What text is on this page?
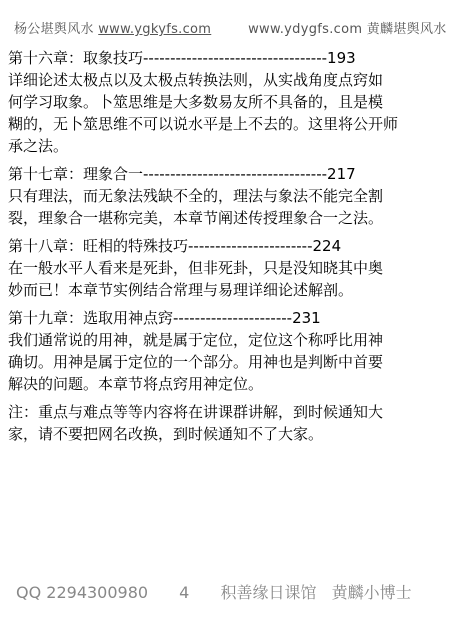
杨公堪舆风水 www.ygkyfs.com	www.ydygfs.com 黄麟堪舆风水
第十六章：取象技巧----------------------------------193
详细论述太极点以及太极点转换法则，从实战角度点窍如
何学习取象。卜筮思维是大多数易友所不具备的，且是模
糊的，无卜筮思维不可以说水平是上不去的。这里将公开师
承之法。
第十七章：理象合一----------------------------------217
只有理法，而无象法残缺不全的，理法与象法不能完全割
裂，理象合一堪称完美，本章节阐述传授理象合一之法。
第十八章：旺相的特殊技巧-----------------------224
在一般水平人看来是死卦，但非死卦，只是没知晓其中奥
妙而已！本章节实例结合常理与易理详细论述解剖。
第十九章：选取用神点窍----------------------231
我们通常说的用神，就是属于定位，定位这个称呼比用神
确切。用神是属于定位的一个部分。用神也是判断中首要
解决的问题。本章节将点窍用神定位。
注：重点与难点等等内容将在讲课群讲解，到时候通知大
家，请不要把网名改换，到时候通知不了大家。
QQ 2294300980 4 积善缘日课馆 黄麟小博士
